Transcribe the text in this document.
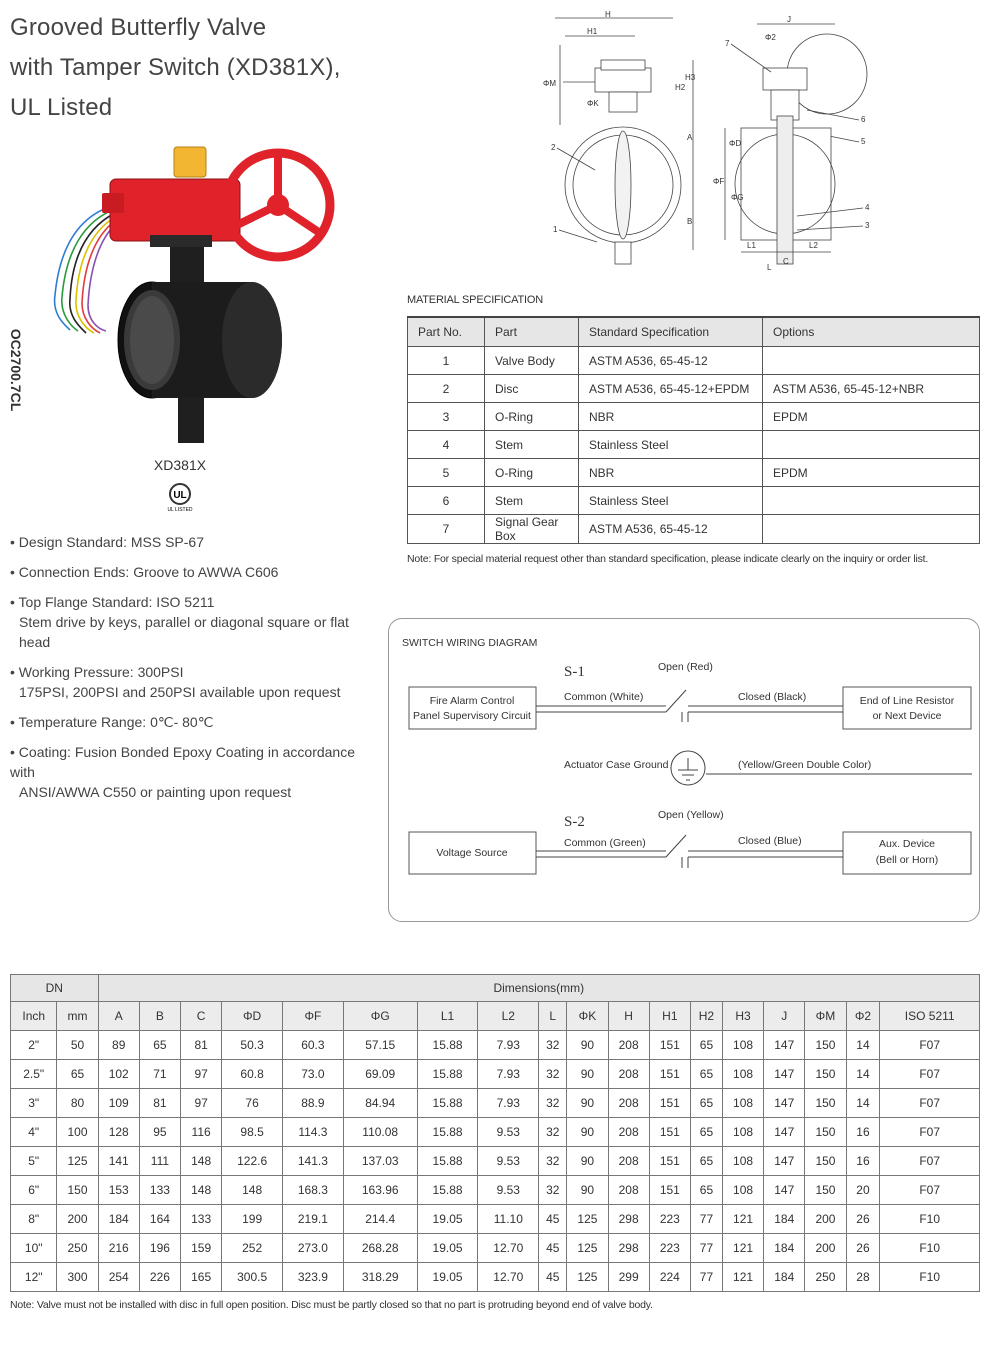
Grooved Butterfly Valve
with Tamper Switch (XD381X),
UL Listed
OC2700.7CL
XD381X
UL
UL LISTED
• Design Standard: MSS SP-67
• Connection Ends: Groove to AWWA C606
• Top Flange Standard: ISO 5211
Stem drive by keys, parallel or diagonal square or flat head
• Working Pressure: 300PSI
175PSI, 200PSI and 250PSI available upon request
• Temperature Range: 0℃- 80℃
• Coating: Fusion Bonded Epoxy Coating in accordance with
ANSI/AWWA C550 or painting upon request
H
H1
ΦM
ΦK
H2
H3
A
B
2
1
J
Φ2
7
6
5
ΦF
ΦG
ΦD
4
3
C
L1	L2
L
MATERIAL SPECIFICATION
Part No.	Part	Standard Specification	Options
1	Valve Body	ASTM A536, 65-45-12	
2	Disc	ASTM A536, 65-45-12+EPDM	ASTM A536, 65-45-12+NBR
3	O-Ring	NBR	EPDM
4	Stem	Stainless Steel	
5	O-Ring	NBR	EPDM
6	Stem	Stainless Steel	
7	Signal Gear Box	ASTM A536, 65-45-12	
Note: For special material request other than standard specification, please indicate clearly on the inquiry or order list.
SWITCH WIRING DIAGRAM
S-1	Open (Red)
Common (White)	Closed (Black)
Fire Alarm Control
Panel Supervisory Circuit
End of Line Resistor
or Next Device
Actuator Case Ground	(Yellow/Green Double Color)
S-2	Open (Yellow)
Common (Green)	Closed (Blue)
Voltage Source
Aux. Device
(Bell or Horn)
DN		Dimensions(mm)																	
Inch	mm	A	B	C	ΦD	ΦF	ΦG	L1	L2	L	ΦK	H	H1	H2	H3	J	ΦM	Φ2	ISO 5211
2"	50	89	65	81	50.3	60.3	57.15	15.88	7.93	32	90	208	151	65	108	147	150	14	F07
2.5"	65	102	71	97	60.8	73.0	69.09	15.88	7.93	32	90	208	151	65	108	147	150	14	F07
3"	80	109	81	97	76	88.9	84.94	15.88	7.93	32	90	208	151	65	108	147	150	14	F07
4"	100	128	95	116	98.5	114.3	110.08	15.88	9.53	32	90	208	151	65	108	147	150	16	F07
5"	125	141	111	148	122.6	141.3	137.03	15.88	9.53	32	90	208	151	65	108	147	150	16	F07
6"	150	153	133	148	148	168.3	163.96	15.88	9.53	32	90	208	151	65	108	147	150	20	F07
8"	200	184	164	133	199	219.1	214.4	19.05	11.10	45	125	298	223	77	121	184	200	26	F10
10"	250	216	196	159	252	273.0	268.28	19.05	12.70	45	125	298	223	77	121	184	200	26	F10
12"	300	254	226	165	300.5	323.9	318.29	19.05	12.70	45	125	299	224	77	121	184	250	28	F10
Note: Valve must not be installed with disc in full open position. Disc must be partly closed so that no part is protruding beyond end of valve body.
